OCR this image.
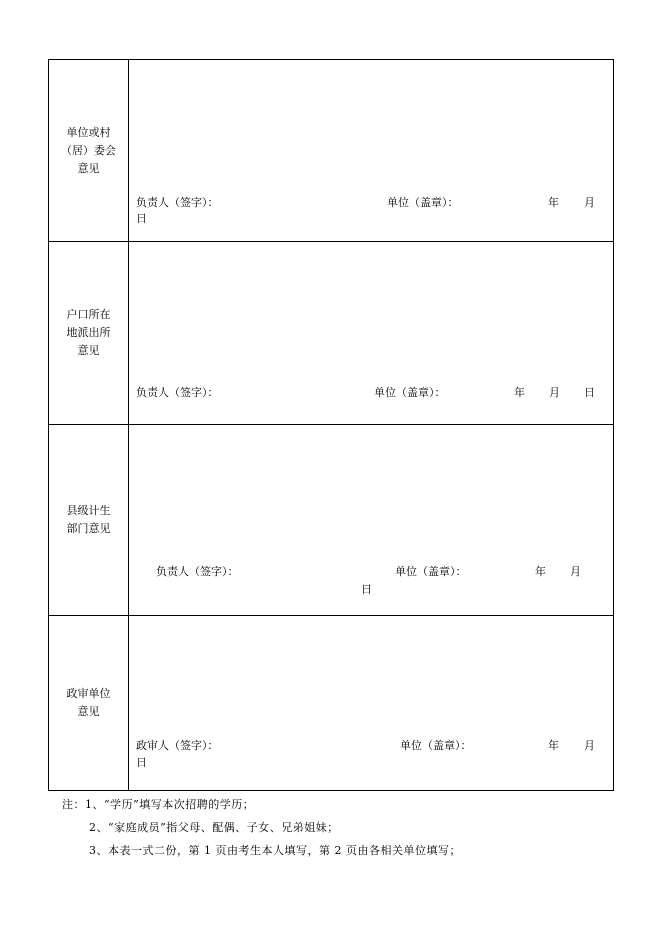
单位或村
（居）委会
意见	负责人（签字）： 单位（盖章）： 年 月
日

户口所在
地派出所
意见	负责人（签字）： 单位（盖章）： 年 月 日

县级计生
部门意见	负责人（签字）： 单位（盖章）： 年 月
日

政审单位
意见	政审人（签字）： 单位（盖章）： 年 月
日
注：1、“学历”填写本次招聘的学历；
2、“家庭成员”指父母、配偶、子女、兄弟姐妹；
3、本表一式二份，第 1 页由考生本人填写，第 2 页由各相关单位填写；
